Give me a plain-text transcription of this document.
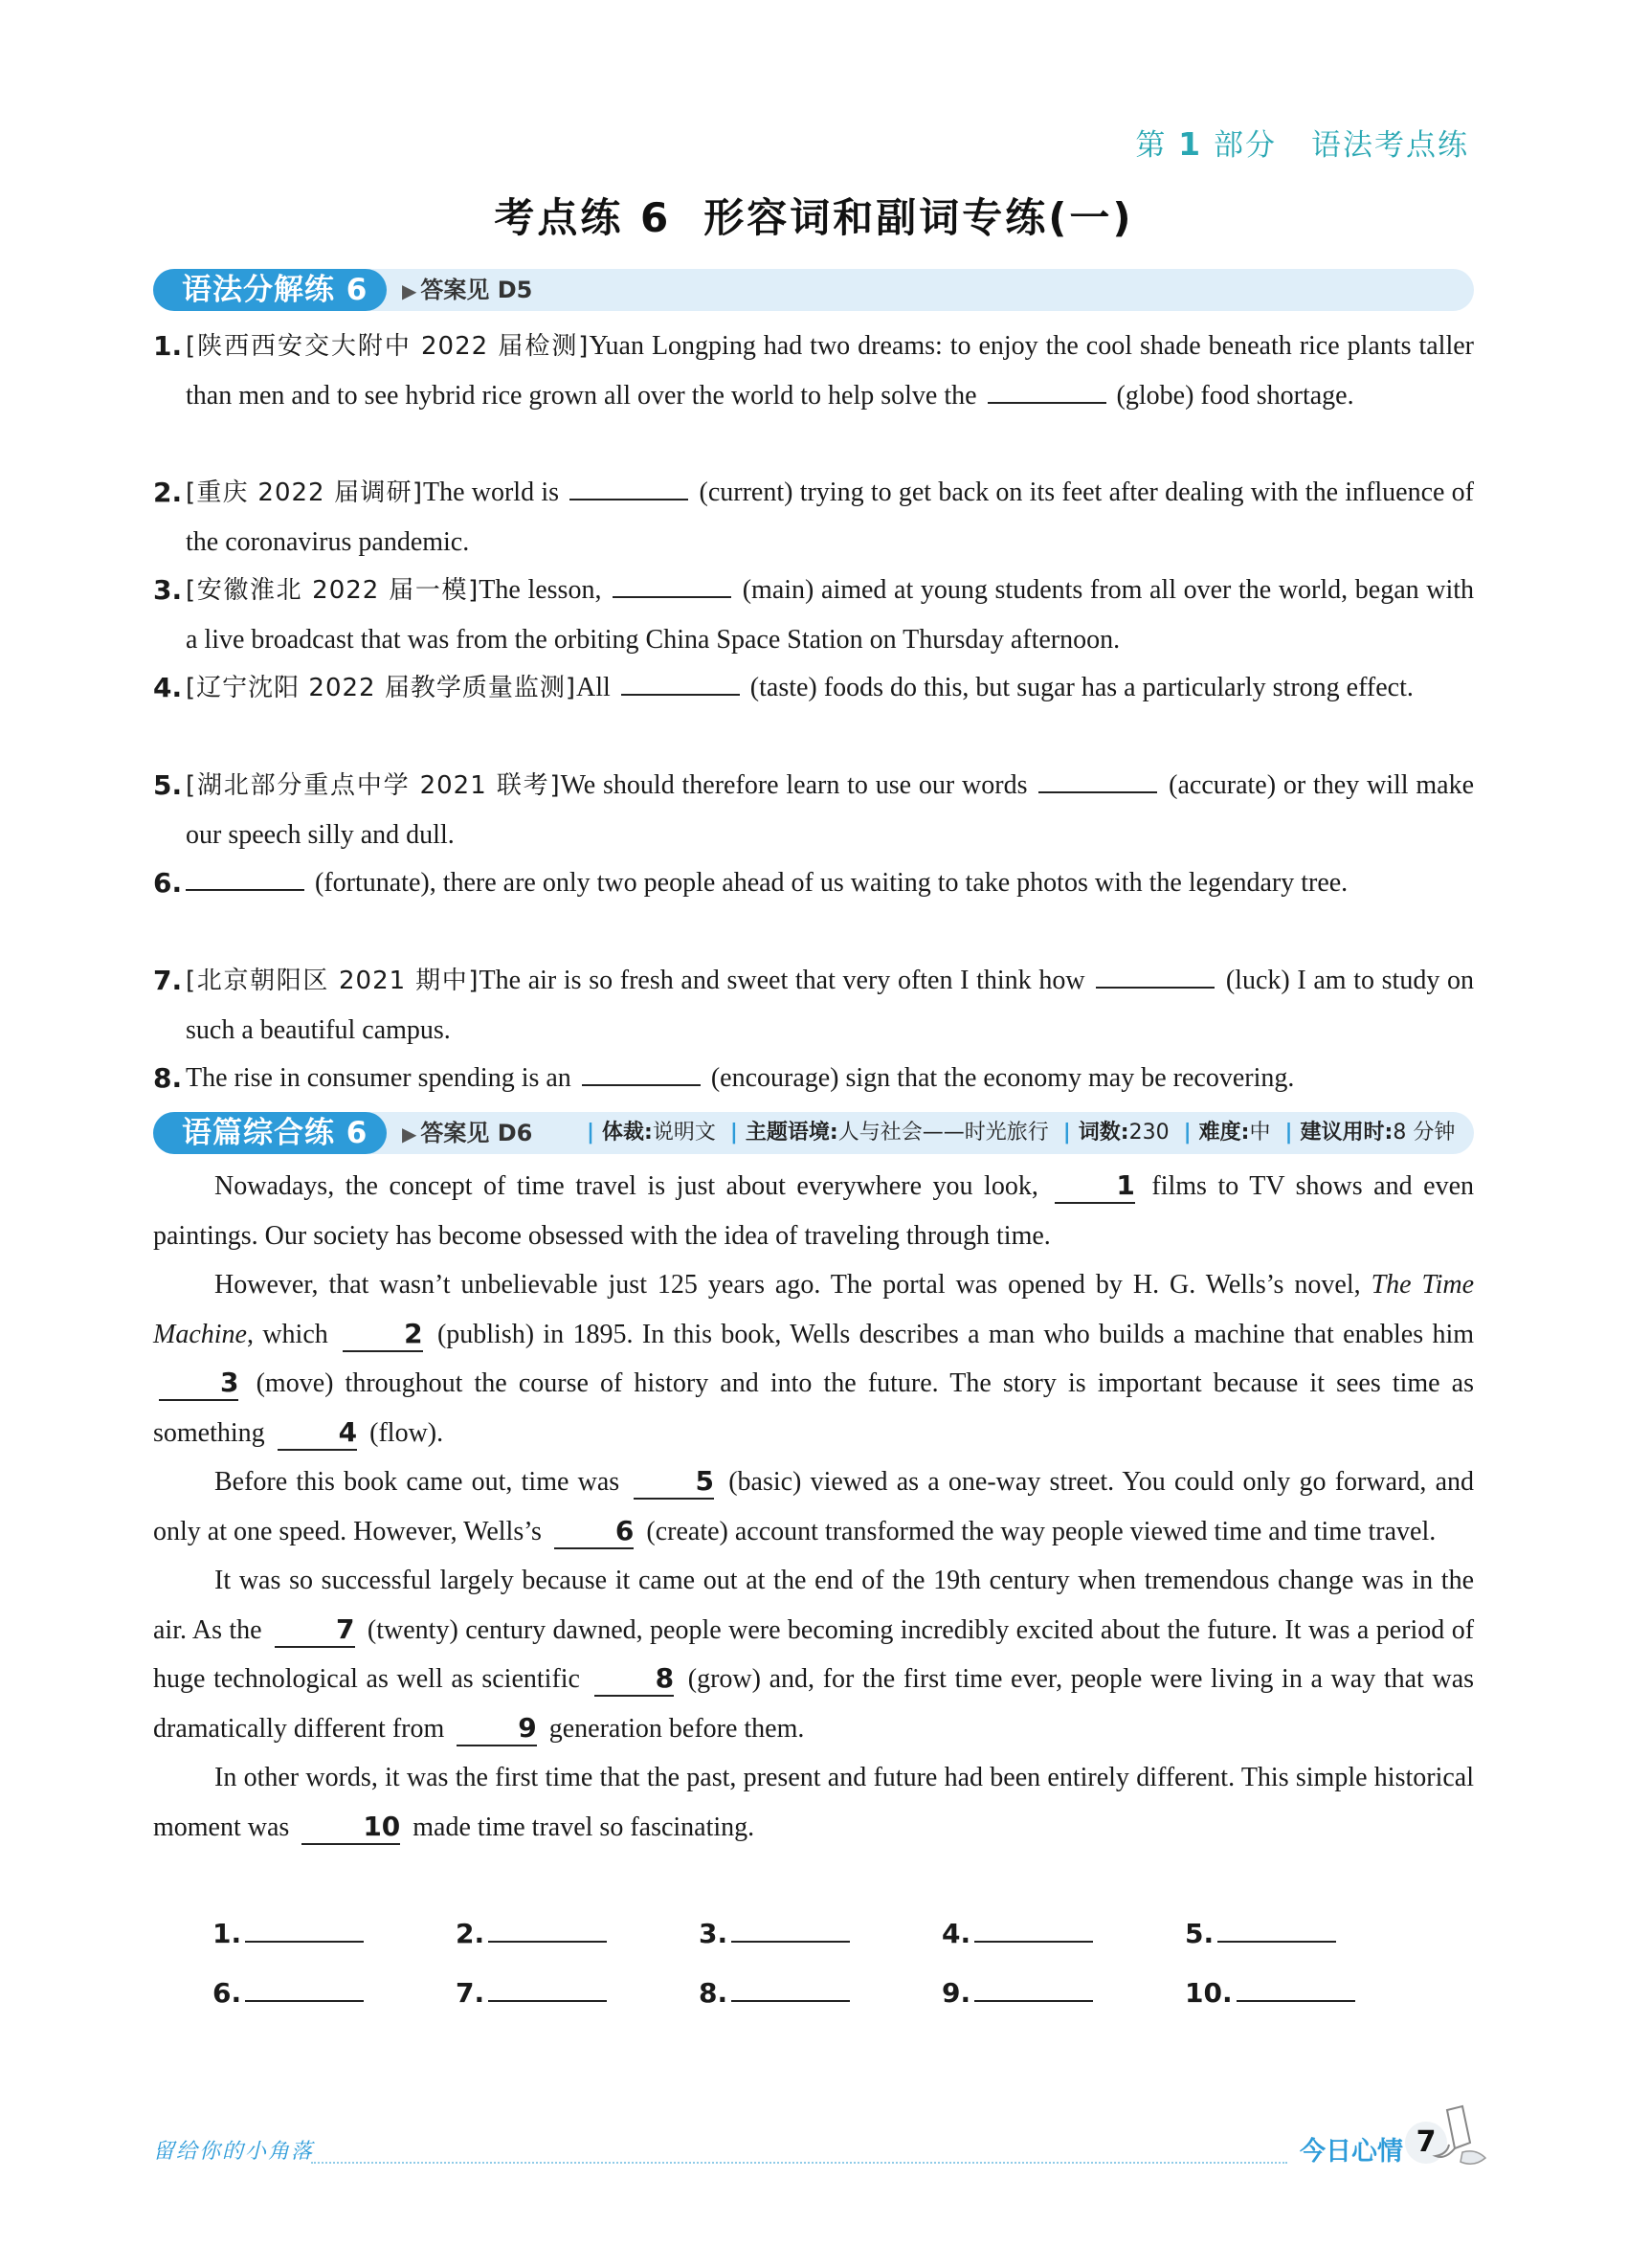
第 1 部分 语法考点练
考点练 6 形容词和副词专练(一)
语法分解练 6	▶ 答案见 D5
1. [陕西西安交大附中 2022 届检测]Yuan Longping had two dreams: to enjoy the cool shade beneath rice plants taller than men and to see hybrid rice grown all over the world to help solve the	(globe) food shortage.
2. [重庆 2022 届调研]The world is	(current) trying to get back on its feet after dealing with the influence of the coronavirus pandemic.
3. [安徽淮北 2022 届一模]The lesson,	(main) aimed at young students from all over the world, began with a live broadcast that was from the orbiting China Space Station on Thursday afternoon.
4. [辽宁沈阳 2022 届教学质量监测]All	(taste) foods do this, but sugar has a particularly strong effect.
5. [湖北部分重点中学 2021 联考]We should therefore learn to use our words	(accurate) or they will make our speech silly and dull.
6.	(fortunate), there are only two people ahead of us waiting to take photos with the legendary tree.
7. [北京朝阳区 2021 期中]The air is so fresh and sweet that very often I think how	(luck) I am to study on such a beautiful campus.
8. The rise in consumer spending is an	(encourage) sign that the economy may be recovering.
语篇综合练 6	▶ 答案见 D6	| 体裁:说明文 | 主题语境:人与社会——时光旅行 | 词数:230 | 难度:中 | 建议用时:8 分钟

Nowadays, the concept of time travel is just about everywhere you look,	1 films to TV shows and even paintings. Our society has become obsessed with the idea of traveling through time.

However, that wasn’t unbelievable just 125 years ago. The portal was opened by H. G. Wells’s novel, The Time Machine, which	2 (publish) in 1895. In this book, Wells describes a man who builds a machine that enables him 3 (move) throughout the course of history and into the future. The story is important because it sees time as something	4 (flow).

Before this book came out, time was	5 (basic) viewed as a one-way street. You could only go forward, and only at one speed. However, Wells’s	6 (create) account transformed the way people viewed time and time travel.

It was so successful largely because it came out at the end of the 19th century when tremendous change was in the air. As the	7 (twenty) century dawned, people were becoming incredibly excited about the future. It was a period of huge technological as well as scientific	8 (grow) and, for the first time ever, people were living in a way that was dramatically different from	9 generation before them.

In other words, it was the first time that the past, present and future had been entirely different. This simple historical moment was	10 made time travel so fascinating.

1.	2.	3.	4.	5.
6.	7.	8.	9.	10.
留给你的小角落	今日心情 7
